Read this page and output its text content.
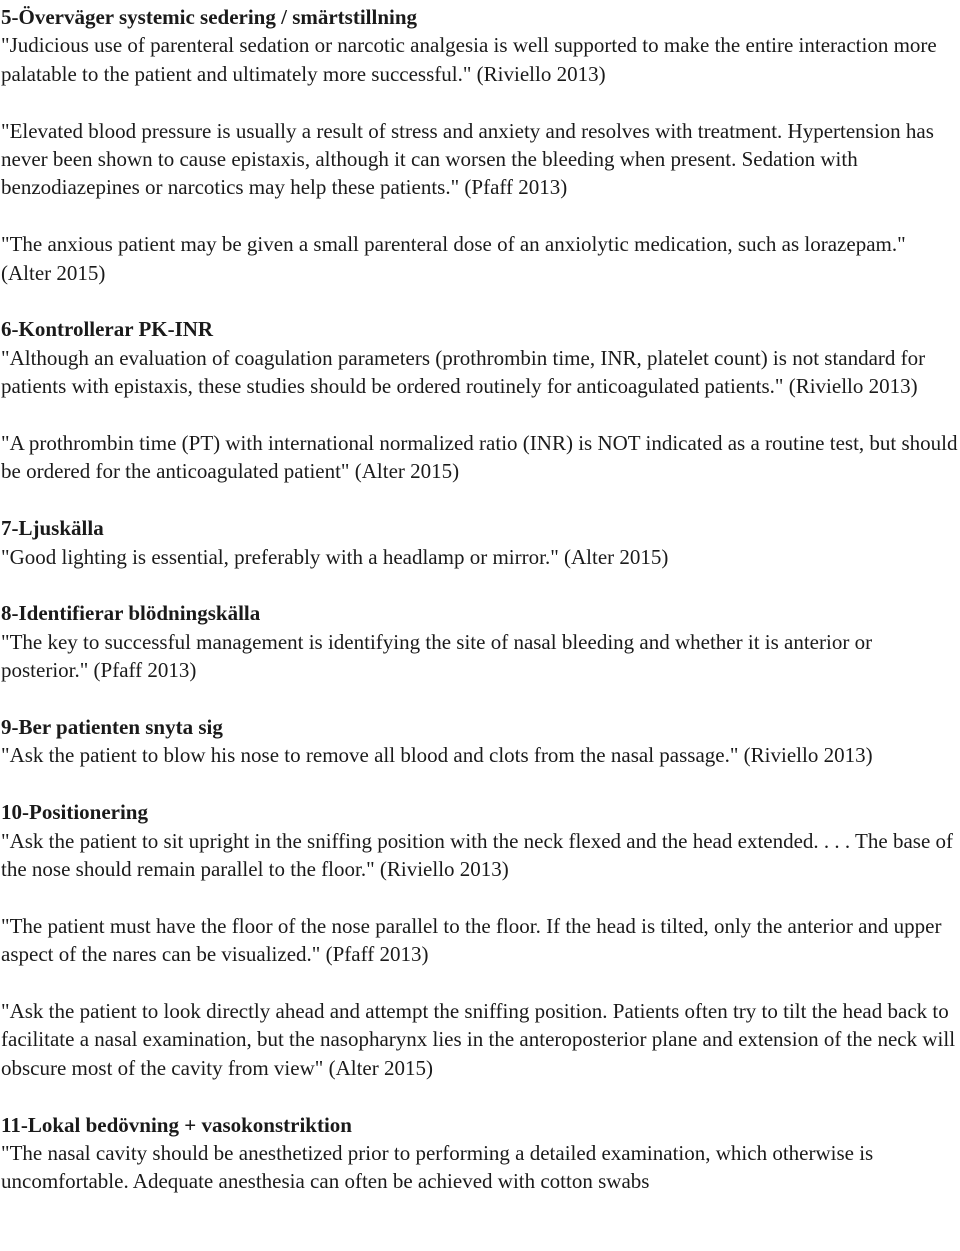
5-Överväger systemic sedering / smärtstillning

"Judicious use of parenteral sedation or narcotic analgesia is well supported to make the entire interaction more palatable to the patient and ultimately more successful." (Riviello 2013)

"Elevated blood pressure is usually a result of stress and anxiety and resolves with treatment. Hypertension has never been shown to cause epistaxis, although it can worsen the bleeding when present. Sedation with benzodiazepines or narcotics may help these patients." (Pfaff 2013)

"The anxious patient may be given a small parenteral dose of an anxiolytic medication, such as lorazepam." (Alter 2015)

6-Kontrollerar PK-INR

"Although an evaluation of coagulation parameters (prothrombin time, INR, platelet count) is not standard for patients with epistaxis, these studies should be ordered routinely for anticoagulated patients." (Riviello 2013)

"A prothrombin time (PT) with international normalized ratio (INR) is NOT indicated as a routine test, but should be ordered for the anticoagulated patient" (Alter 2015)

7-Ljuskälla

"Good lighting is essential, preferably with a headlamp or mirror." (Alter 2015)

8-Identifierar blödningskälla

"The key to successful management is identifying the site of nasal bleeding and whether it is anterior or posterior." (Pfaff 2013)

9-Ber patienten snyta sig

"Ask the patient to blow his nose to remove all blood and clots from the nasal passage." (Riviello 2013)

10-Positionering

"Ask the patient to sit upright in the sniffing position with the neck flexed and the head extended. . . . The base of the nose should remain parallel to the floor." (Riviello 2013)

"The patient must have the floor of the nose parallel to the floor. If the head is tilted, only the anterior and upper aspect of the nares can be visualized." (Pfaff 2013)

"Ask the patient to look directly ahead and attempt the sniffing position. Patients often try to tilt the head back to facilitate a nasal examination, but the nasopharynx lies in the anteroposterior plane and extension of the neck will obscure most of the cavity from view" (Alter 2015)

11-Lokal bedövning + vasokonstriktion

"The nasal cavity should be anesthetized prior to performing a detailed examination, which otherwise is uncomfortable. Adequate anesthesia can often be achieved with cotton swabs
